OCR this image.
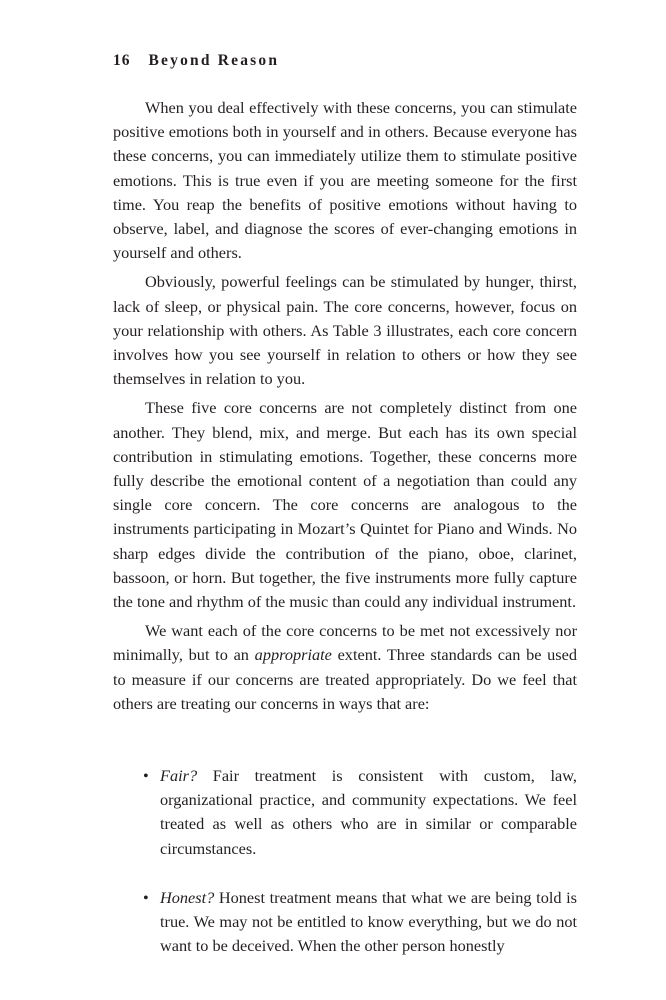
16 Beyond Reason

When you deal effectively with these concerns, you can stimulate positive emotions both in yourself and in others. Because everyone has these concerns, you can immediately utilize them to stimulate positive emotions. This is true even if you are meeting someone for the first time. You reap the benefits of positive emotions without having to observe, label, and diagnose the scores of ever-changing emotions in yourself and others.

Obviously, powerful feelings can be stimulated by hunger, thirst, lack of sleep, or physical pain. The core concerns, however, focus on your relationship with others. As Table 3 illustrates, each core concern involves how you see yourself in relation to others or how they see themselves in relation to you.

These five core concerns are not completely distinct from one another. They blend, mix, and merge. But each has its own special contribution in stimulating emotions. Together, these concerns more fully describe the emotional content of a negotiation than could any single core concern. The core concerns are analogous to the instruments participating in Mozart’s Quintet for Piano and Winds. No sharp edges divide the contribution of the piano, oboe, clarinet, bassoon, or horn. But together, the five instruments more fully capture the tone and rhythm of the music than could any individual instrument.

We want each of the core concerns to be met not excessively nor minimally, but to an appropriate extent. Three standards can be used to measure if our concerns are treated appropriately. Do we feel that others are treating our concerns in ways that are:

• Fair? Fair treatment is consistent with custom, law, organizational practice, and community expectations. We feel treated as well as others who are in similar or comparable circumstances.
• Honest? Honest treatment means that what we are being told is true. We may not be entitled to know everything, but we do not want to be deceived. When the other person honestly
